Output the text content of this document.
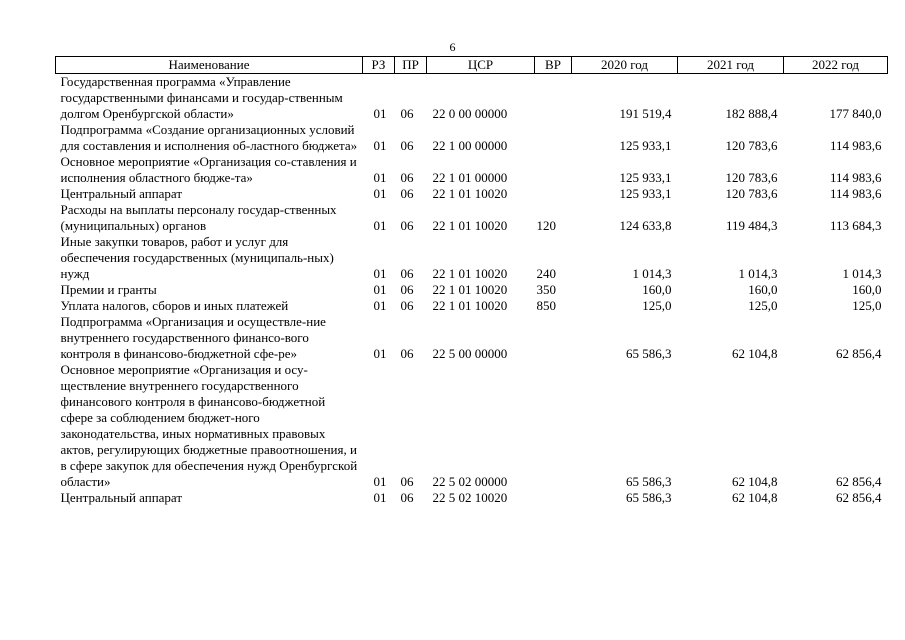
6
Наименование	РЗ	ПР	ЦСР	ВР	2020 год	2021 год	2022 год
Государственная программа «Управление государственными финансами и государ-ственным долгом Оренбургской области»	01	06	22 0 00 00000		191 519,4	182 888,4	177 840,0
Подпрограмма «Создание организационных условий для составления и исполнения об-ластного бюджета»	01	06	22 1 00 00000		125 933,1	120 783,6	114 983,6
Основное мероприятие «Организация со-ставления и исполнения областного бюдже-та»	01	06	22 1 01 00000		125 933,1	120 783,6	114 983,6
Центральный аппарат	01	06	22 1 01 10020		125 933,1	120 783,6	114 983,6
Расходы на выплаты персоналу государ-ственных (муниципальных) органов	01	06	22 1 01 10020	120	124 633,8	119 484,3	113 684,3
Иные закупки товаров, работ и услуг для обеспечения государственных (муниципаль-ных) нужд	01	06	22 1 01 10020	240	1 014,3	1 014,3	1 014,3
Премии и гранты	01	06	22 1 01 10020	350	160,0	160,0	160,0
Уплата налогов, сборов и иных платежей	01	06	22 1 01 10020	850	125,0	125,0	125,0
Подпрограмма «Организация и осуществле-ние внутреннего государственного финансо-вого контроля в финансово-бюджетной сфе-ре»	01	06	22 5 00 00000		65 586,3	62 104,8	62 856,4
Основное мероприятие «Организация и осу-ществление внутреннего государственного финансового контроля в финансово-бюджетной сфере за соблюдением бюджет-ного законодательства, иных нормативных правовых актов, регулирующих бюджетные правоотношения, и в сфере закупок для обеспечения нужд Оренбургской области»	01	06	22 5 02 00000		65 586,3	62 104,8	62 856,4
Центральный аппарат	01	06	22 5 02 10020		65 586,3	62 104,8	62 856,4
